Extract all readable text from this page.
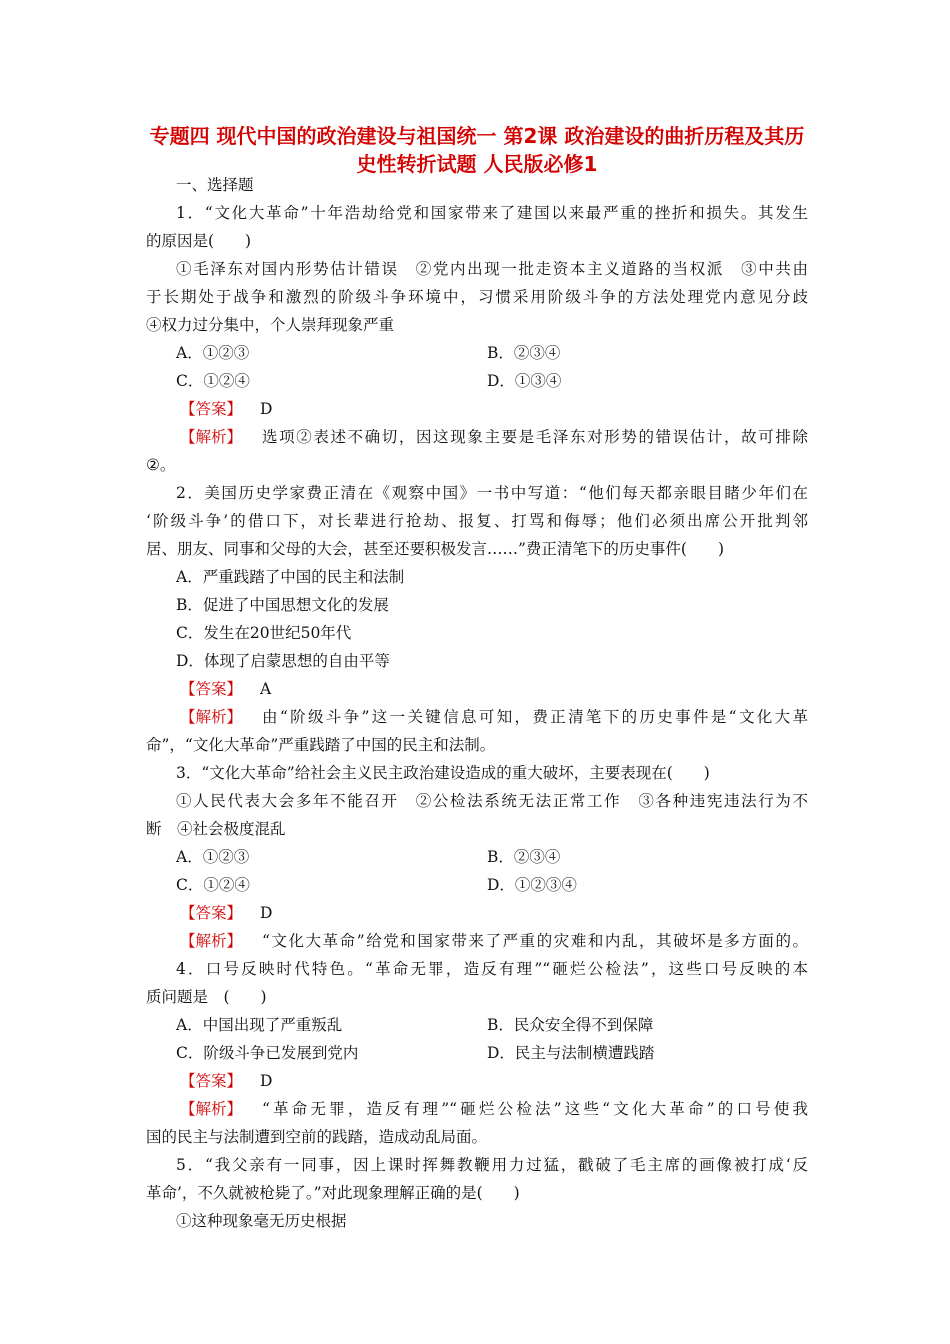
专题四 现代中国的政治建设与祖国统一 第2课 政治建设的曲折历程及其历史性转折试题 人民版必修1
一、选择题
1．“文化大革命”十年浩劫给党和国家带来了建国以来最严重的挫折和损失。其发生
的原因是(　　)
①毛泽东对国内形势估计错误　②党内出现一批走资本主义道路的当权派　③中共由
于长期处于战争和激烈的阶级斗争环境中，习惯采用阶级斗争的方法处理党内意见分歧
④权力过分集中，个人崇拜现象严重
A．①②③	B．②③④
C．①②④	D．①③④
【答案】 D
【解析】 选项②表述不确切，因这现象主要是毛泽东对形势的错误估计，故可排除
②。
2．美国历史学家费正清在《观察中国》一书中写道：“他们每天都亲眼目睹少年们在
‘阶级斗争’的借口下，对长辈进行抢劫、报复、打骂和侮辱；他们必须出席公开批判邻
居、朋友、同事和父母的大会，甚至还要积极发言……”费正清笔下的历史事件(　　)
A．严重践踏了中国的民主和法制
B．促进了中国思想文化的发展
C．发生在20世纪50年代
D．体现了启蒙思想的自由平等
【答案】 A
【解析】 由“阶级斗争”这一关键信息可知，费正清笔下的历史事件是“文化大革
命”，“文化大革命”严重践踏了中国的民主和法制。
3．“文化大革命”给社会主义民主政治建设造成的重大破坏，主要表现在(　　)
①人民代表大会多年不能召开　②公检法系统无法正常工作　③各种违宪违法行为不
断　④社会极度混乱
A．①②③	B．②③④
C．①②④	D．①②③④
【答案】 D
【解析】 “文化大革命”给党和国家带来了严重的灾难和内乱，其破坏是多方面的。
4．口号反映时代特色。“革命无罪，造反有理”“砸烂公检法”，这些口号反映的本
质问题是　(　　)
A．中国出现了严重叛乱	B．民众安全得不到保障
C．阶级斗争已发展到党内	D．民主与法制横遭践踏
【答案】 D
【解析】 “革命无罪，造反有理”“砸烂公检法”这些“文化大革命”的口号使我
国的民主与法制遭到空前的践踏，造成动乱局面。
5．“我父亲有一同事，因上课时挥舞教鞭用力过猛，戳破了毛主席的画像被打成‘反
革命’，不久就被枪毙了。”对此现象理解正确的是(　　)
①这种现象毫无历史根据
